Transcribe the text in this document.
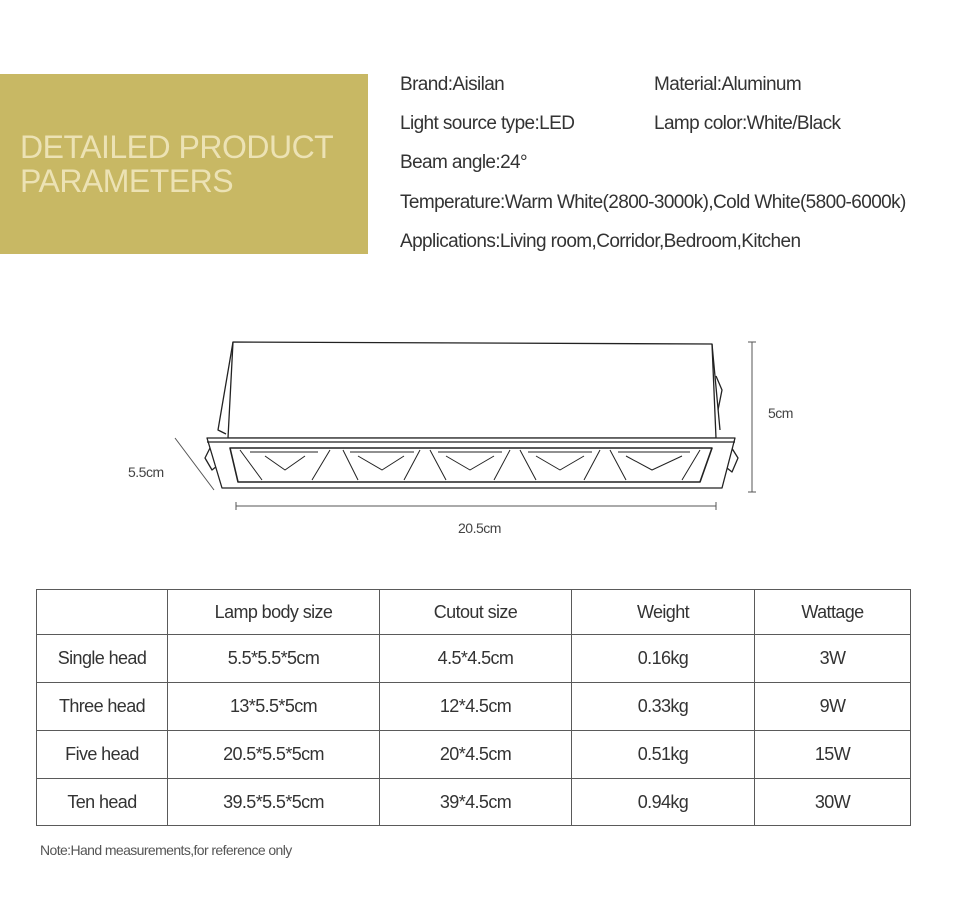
DETAILED PRODUCT
PARAMETERS
Brand:Aisilan	Material:Aluminum
Light source type:LED	Lamp color:White/Black
Beam angle:24°
Temperature:Warm White(2800-3000k),Cold White(5800-6000k)
Applications:Living room,Corridor,Bedroom,Kitchen
5cm
5.5cm
20.5cm
	Lamp body size	Cutout size	Weight	Wattage
Single head	5.5*5.5*5cm	4.5*4.5cm	0.16kg	3W
Three head	13*5.5*5cm	12*4.5cm	0.33kg	9W
Five head	20.5*5.5*5cm	20*4.5cm	0.51kg	15W
Ten head	39.5*5.5*5cm	39*4.5cm	0.94kg	30W
Note:Hand measurements,for reference only
